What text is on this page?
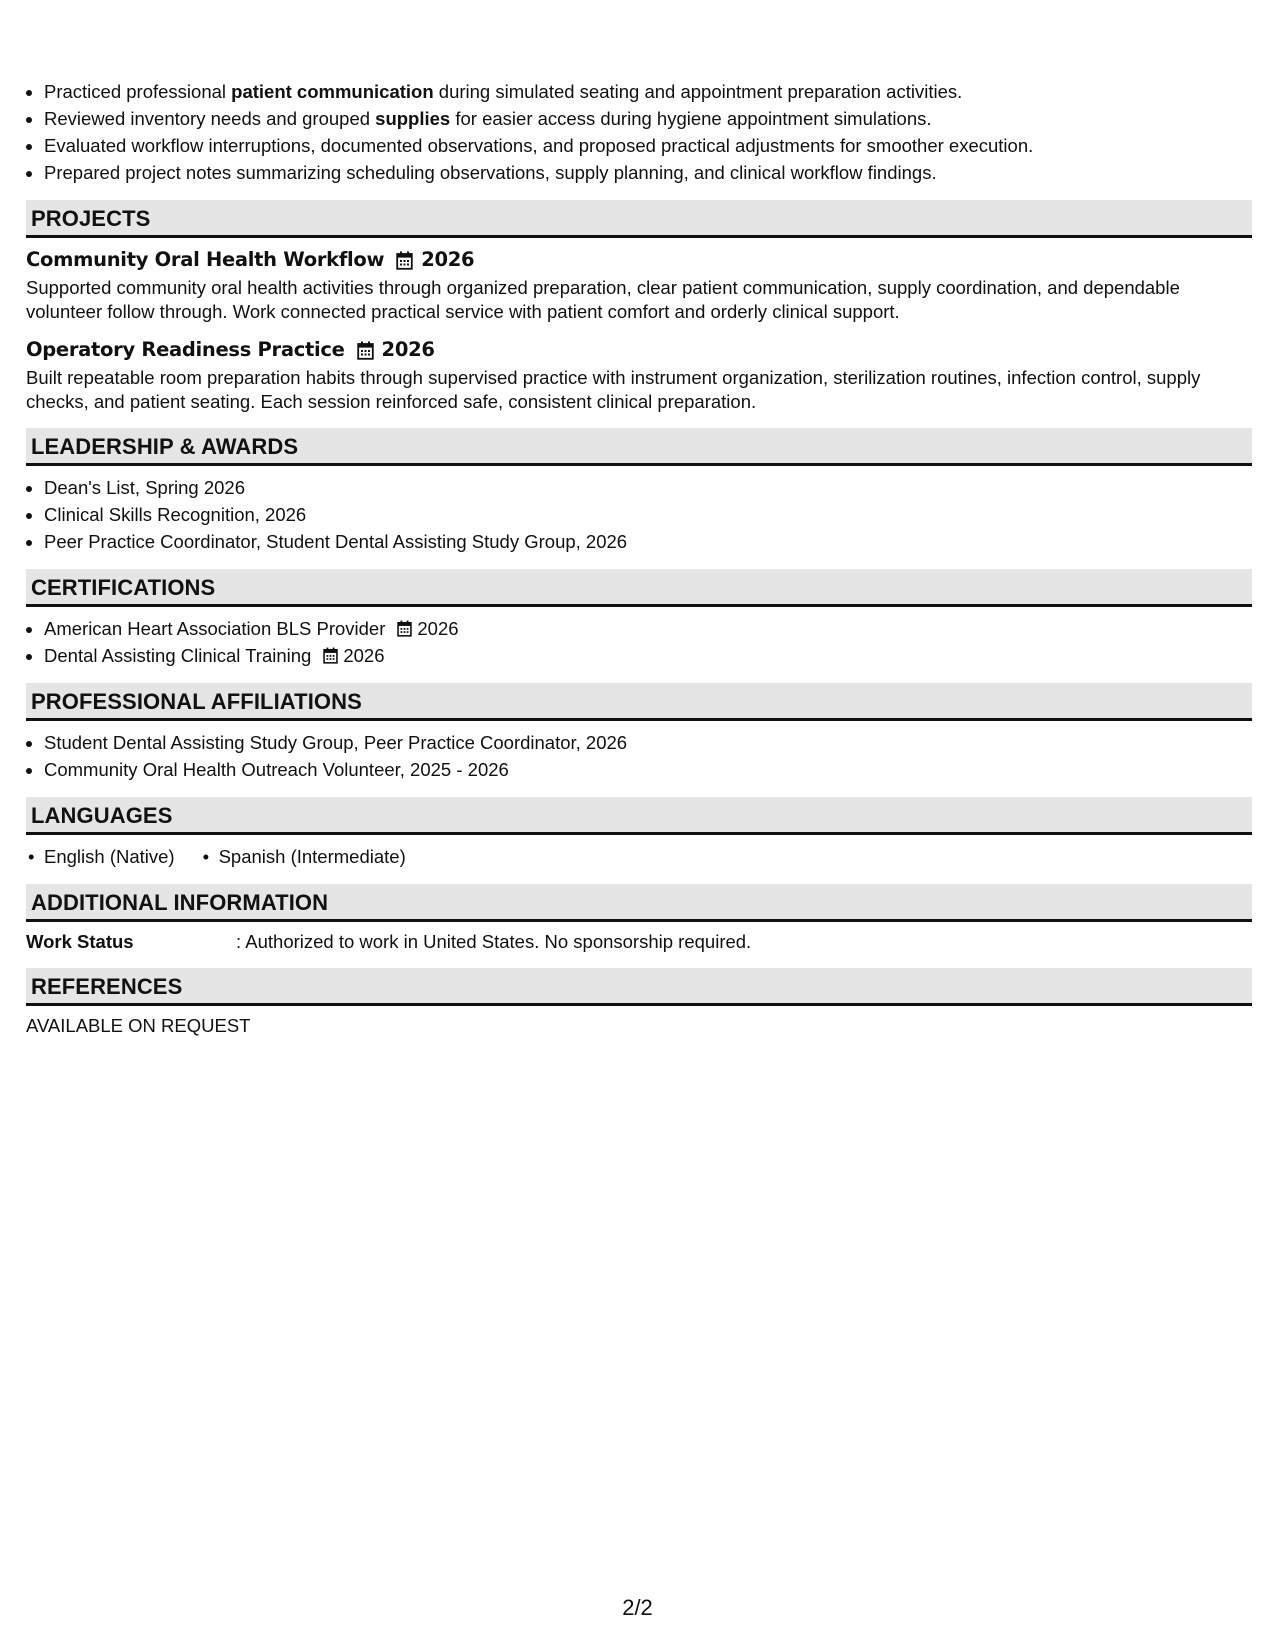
• Practiced professional patient communication during simulated seating and appointment preparation activities.
• Reviewed inventory needs and grouped supplies for easier access during hygiene appointment simulations.
• Evaluated workflow interruptions, documented observations, and proposed practical adjustments for smoother execution.
• Prepared project notes summarizing scheduling observations, supply planning, and clinical workflow findings.
PROJECTS
Community Oral Health Workflow 2026
Supported community oral health activities through organized preparation, clear patient communication, supply coordination, and dependable volunteer follow through. Work connected practical service with patient comfort and orderly clinical support.
Operatory Readiness Practice 2026
Built repeatable room preparation habits through supervised practice with instrument organization, sterilization routines, infection control, supply checks, and patient seating. Each session reinforced safe, consistent clinical preparation.
LEADERSHIP & AWARDS
• Dean's List, Spring 2026
• Clinical Skills Recognition, 2026
• Peer Practice Coordinator, Student Dental Assisting Study Group, 2026
CERTIFICATIONS
• American Heart Association BLS Provider 2026
• Dental Assisting Clinical Training 2026
PROFESSIONAL AFFILIATIONS
• Student Dental Assisting Study Group, Peer Practice Coordinator, 2026
• Community Oral Health Outreach Volunteer, 2025 - 2026
LANGUAGES
• English (Native)
•	Spanish (Intermediate)
ADDITIONAL INFORMATION
Work Status	: Authorized to work in United States. No sponsorship required.
REFERENCES
AVAILABLE ON REQUEST
2/2
